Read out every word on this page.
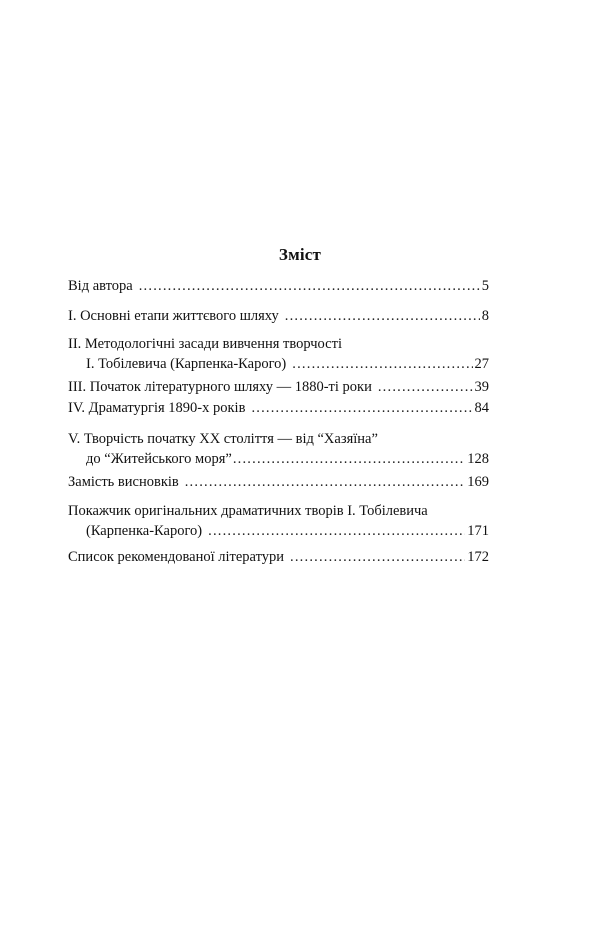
Зміст
Від автора .....	5
І. Основні етапи життєвого шляху .....	8
ІІ. Методологічні засади вивчення творчості
І. Тобілевича (Карпенка-Карого) .....	27
ІІІ. Початок літературного шляху — 1880-ті роки .....	39
IV. Драматургія 1890-х років .....	84
V. Творчість початку ХХ століття — від “Хазяїна”
до “Житейського моря” .....	128
Замість висновків .....	169
Покажчик оригінальних драматичних творів І. Тобілевича
(Карпенка-Карого) .....	171
Список рекомендованої літератури .....	172
